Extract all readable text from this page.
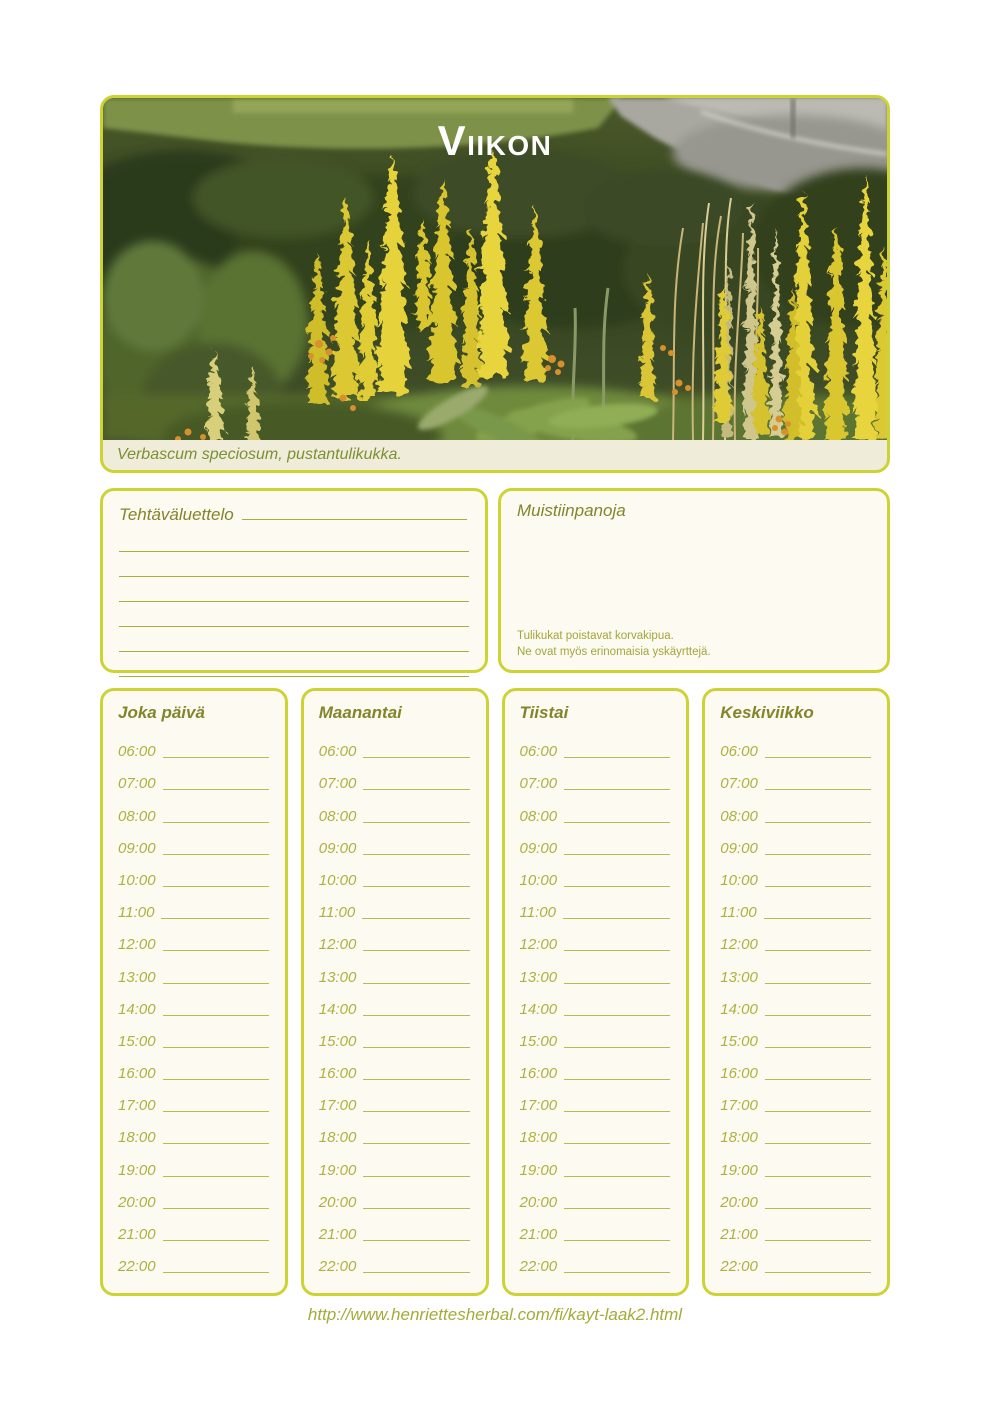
VIIKON
Verbascum speciosum, pustantulikukka.
Tehtäväluettelo	Muistiinpanoja
Tulikukat poistavat korvakipua.
Ne ovat myös erinomaisia yskäyrttejä.
Joka päivä
06:00
07:00
08:00
09:00
10:00
11:00
12:00
13:00
14:00
15:00
16:00
17:00
18:00
19:00
20:00
21:00
22:00
Maanantai
06:00
07:00
08:00
09:00
10:00
11:00
12:00
13:00
14:00
15:00
16:00
17:00
18:00
19:00
20:00
21:00
22:00
Tiistai
06:00
07:00
08:00
09:00
10:00
11:00
12:00
13:00
14:00
15:00
16:00
17:00
18:00
19:00
20:00
21:00
22:00
Keskiviikko
06:00
07:00
08:00
09:00
10:00
11:00
12:00
13:00
14:00
15:00
16:00
17:00
18:00
19:00
20:00
21:00
22:00
http://www.henriettesherbal.com/fi/kayt-laak2.html
